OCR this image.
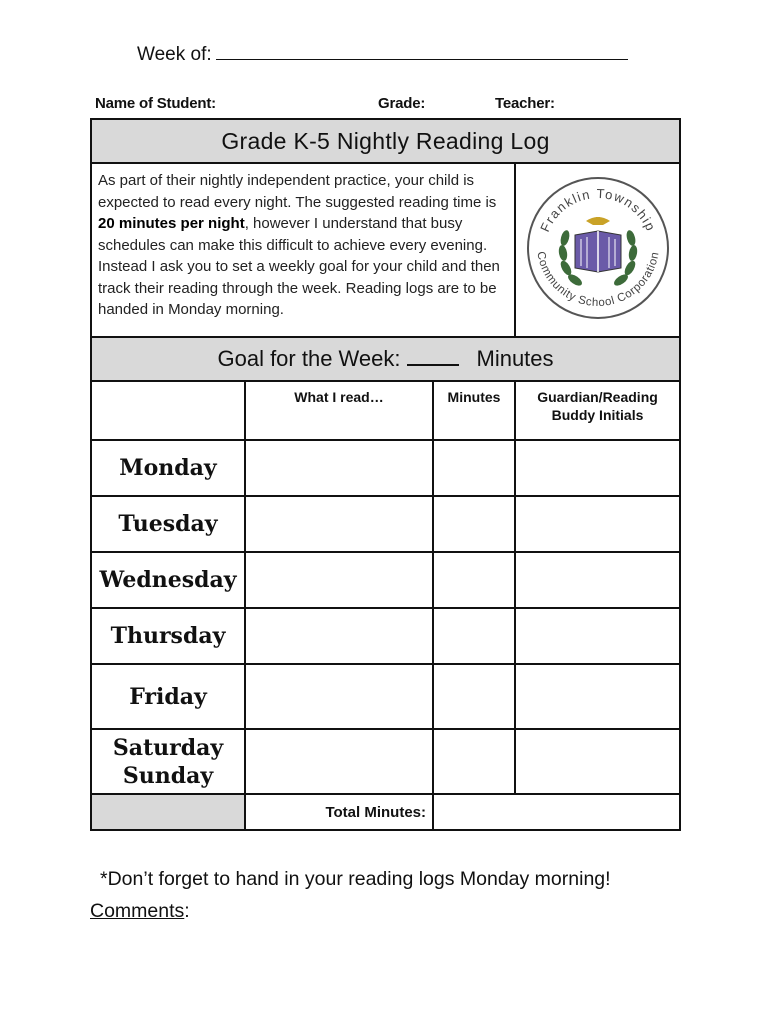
Week of:
Name of Student:	Grade:	Teacher:
Grade K-5 Nightly Reading Log			
As part of their nightly independent practice, your child is expected to read every night. The suggested reading time is 20 minutes per night, however I understand that busy schedules can make this difficult to achieve every evening. Instead I ask you to set a weekly goal for your child and then track their reading through the week. Reading logs are to be handed in Monday morning.			Franklin Township
Community School Corporation

Goal for the Week: Minutes			
	What I read…	Minutes	Guardian/Reading Buddy Initials
Monday			
Tuesday			
Wednesday			
Thursday			
Friday			
Saturday
Sunday			
	Total Minutes:		
*Don’t forget to hand in your reading logs Monday morning!
Comments:
